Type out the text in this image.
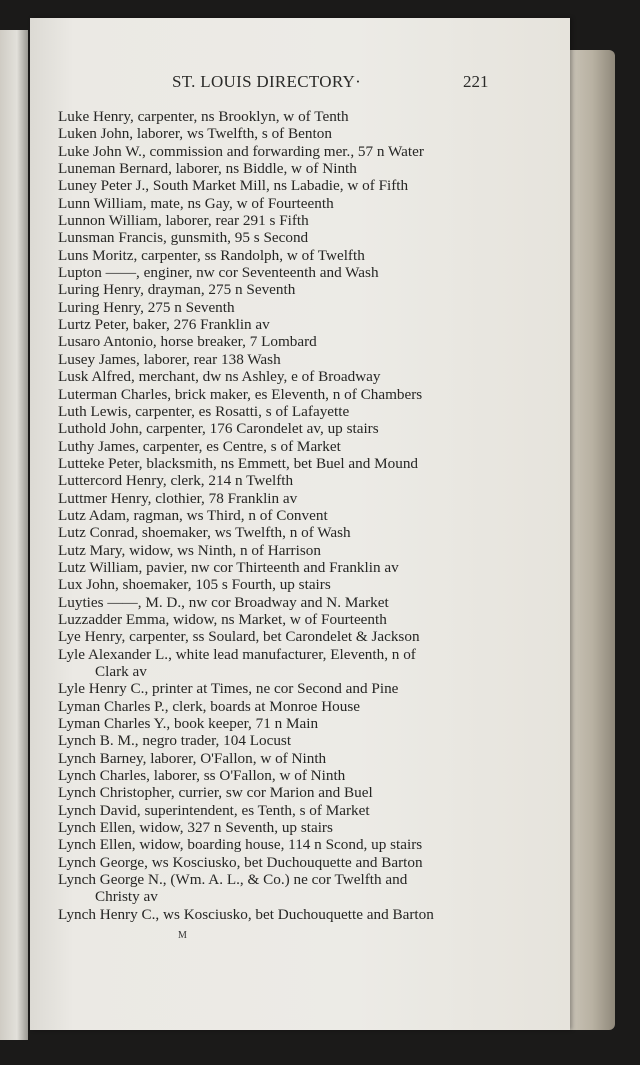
ST. LOUIS DIRECTORY·	221
Luke Henry, carpenter, ns Brooklyn, w of Tenth
Luken John, laborer, ws Twelfth, s of Benton
Luke John W., commission and forwarding mer., 57 n Water
Luneman Bernard, laborer, ns Biddle, w of Ninth
Luney Peter J., South Market Mill, ns Labadie, w of Fifth
Lunn William, mate, ns Gay, w of Fourteenth
Lunnon William, laborer, rear 291 s Fifth
Lunsman Francis, gunsmith, 95 s Second
Luns Moritz, carpenter, ss Randolph, w of Twelfth
Lupton ——, enginer, nw cor Seventeenth and Wash
Luring Henry, drayman, 275 n Seventh
Luring Henry, 275 n Seventh
Lurtz Peter, baker, 276 Franklin av
Lusaro Antonio, horse breaker, 7 Lombard
Lusey James, laborer, rear 138 Wash
Lusk Alfred, merchant, dw ns Ashley, e of Broadway
Luterman Charles, brick maker, es Eleventh, n of Chambers
Luth Lewis, carpenter, es Rosatti, s of Lafayette
Luthold John, carpenter, 176 Carondelet av, up stairs
Luthy James, carpenter, es Centre, s of Market
Lutteke Peter, blacksmith, ns Emmett, bet Buel and Mound
Luttercord Henry, clerk, 214 n Twelfth
Luttmer Henry, clothier, 78 Franklin av
Lutz Adam, ragman, ws Third, n of Convent
Lutz Conrad, shoemaker, ws Twelfth, n of Wash
Lutz Mary, widow, ws Ninth, n of Harrison
Lutz William, pavier, nw cor Thirteenth and Franklin av
Lux John, shoemaker, 105 s Fourth, up stairs
Luyties ——, M. D., nw cor Broadway and N. Market
Luzzadder Emma, widow, ns Market, w of Fourteenth
Lye Henry, carpenter, ss Soulard, bet Carondelet & Jackson
Lyle Alexander L., white lead manufacturer, Eleventh, n of
Clark av
Lyle Henry C., printer at Times, ne cor Second and Pine
Lyman Charles P., clerk, boards at Monroe House
Lyman Charles Y., book keeper, 71 n Main
Lynch B. M., negro trader, 104 Locust
Lynch Barney, laborer, O'Fallon, w of Ninth
Lynch Charles, laborer, ss O'Fallon, w of Ninth
Lynch Christopher, currier, sw cor Marion and Buel
Lynch David, superintendent, es Tenth, s of Market
Lynch Ellen, widow, 327 n Seventh, up stairs
Lynch Ellen, widow, boarding house, 114 n Scond, up stairs
Lynch George, ws Kosciusko, bet Duchouquette and Barton
Lynch George N., (Wm. A. L., & Co.) ne cor Twelfth and
Christy av
Lynch Henry C., ws Kosciusko, bet Duchouquette and Barton
M
